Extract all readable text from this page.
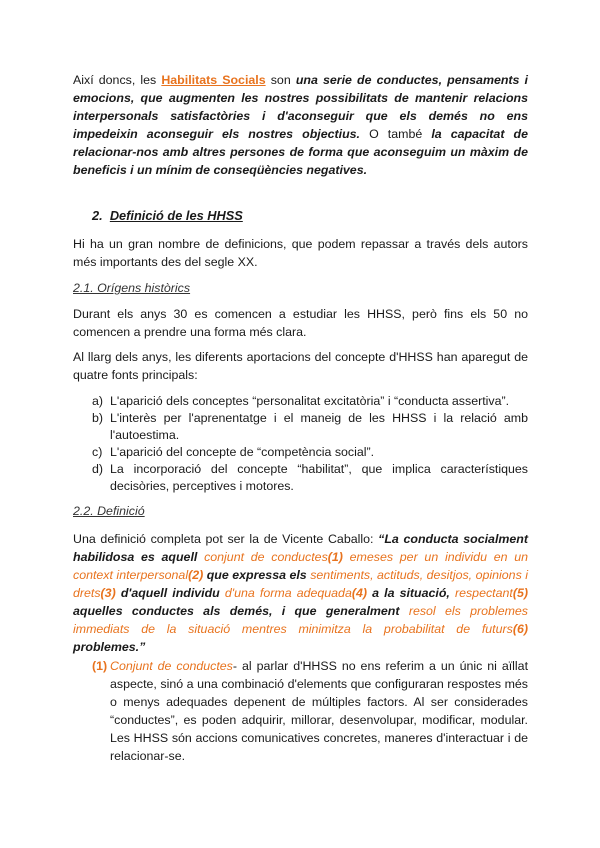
Així doncs, les Habilitats Socials son una serie de conductes, pensaments i emocions, que augmenten les nostres possibilitats de mantenir relacions interpersonals satisfactòries i d'aconseguir que els demés no ens impedeixin aconseguir els nostres objectius. O també la capacitat de relacionar-nos amb altres persones de forma que aconseguim un màxim de beneficis i un mínim de conseqüències negatives.

2. Definició de les HHSS

Hi ha un gran nombre de definicions, que podem repassar a través dels autors més importants des del segle XX.

2.1. Orígens històrics

Durant els anys 30 es comencen a estudiar les HHSS, però fins els 50 no comencen a prendre una forma més clara.

Al llarg dels anys, les diferents aportacions del concepte d'HHSS han aparegut de quatre fonts principals:

a) L'aparició dels conceptes “personalitat excitatòria” i “conducta assertiva”.
b) L'interès per l'aprenentatge i el maneig de les HHSS i la relació amb l'autoestima.
c) L'aparició del concepte de “competència social”.
d) La incorporació del concepte “habilitat”, que implica característiques decisòries, perceptives i motores.
2.2. Definició

Una definició completa pot ser la de Vicente Caballo: “La conducta socialment habilidosa es aquell conjunt de conductes(1) emeses per un individu en un context interpersonal(2) que expressa els sentiments, actituds, desitjos, opinions i drets(3) d'aquell individu d'una forma adequada(4) a la situació, respectant(5) aquelles conductes als demés, i que generalment resol els problemes immediats de la situació mentres minimitza la probabilitat de futurs(6) problemes.”

(1) Conjunt de conductes- al parlar d'HHSS no ens referim a un únic ni aïllat aspecte, sinó a una combinació d'elements que configuraran respostes més o menys adequades depenent de múltiples factors. Al ser considerades “conductes”, es poden adquirir, millorar, desenvolupar, modificar, modular. Les HHSS són accions comunicatives concretes, maneres d'interactuar i de relacionar-se.
